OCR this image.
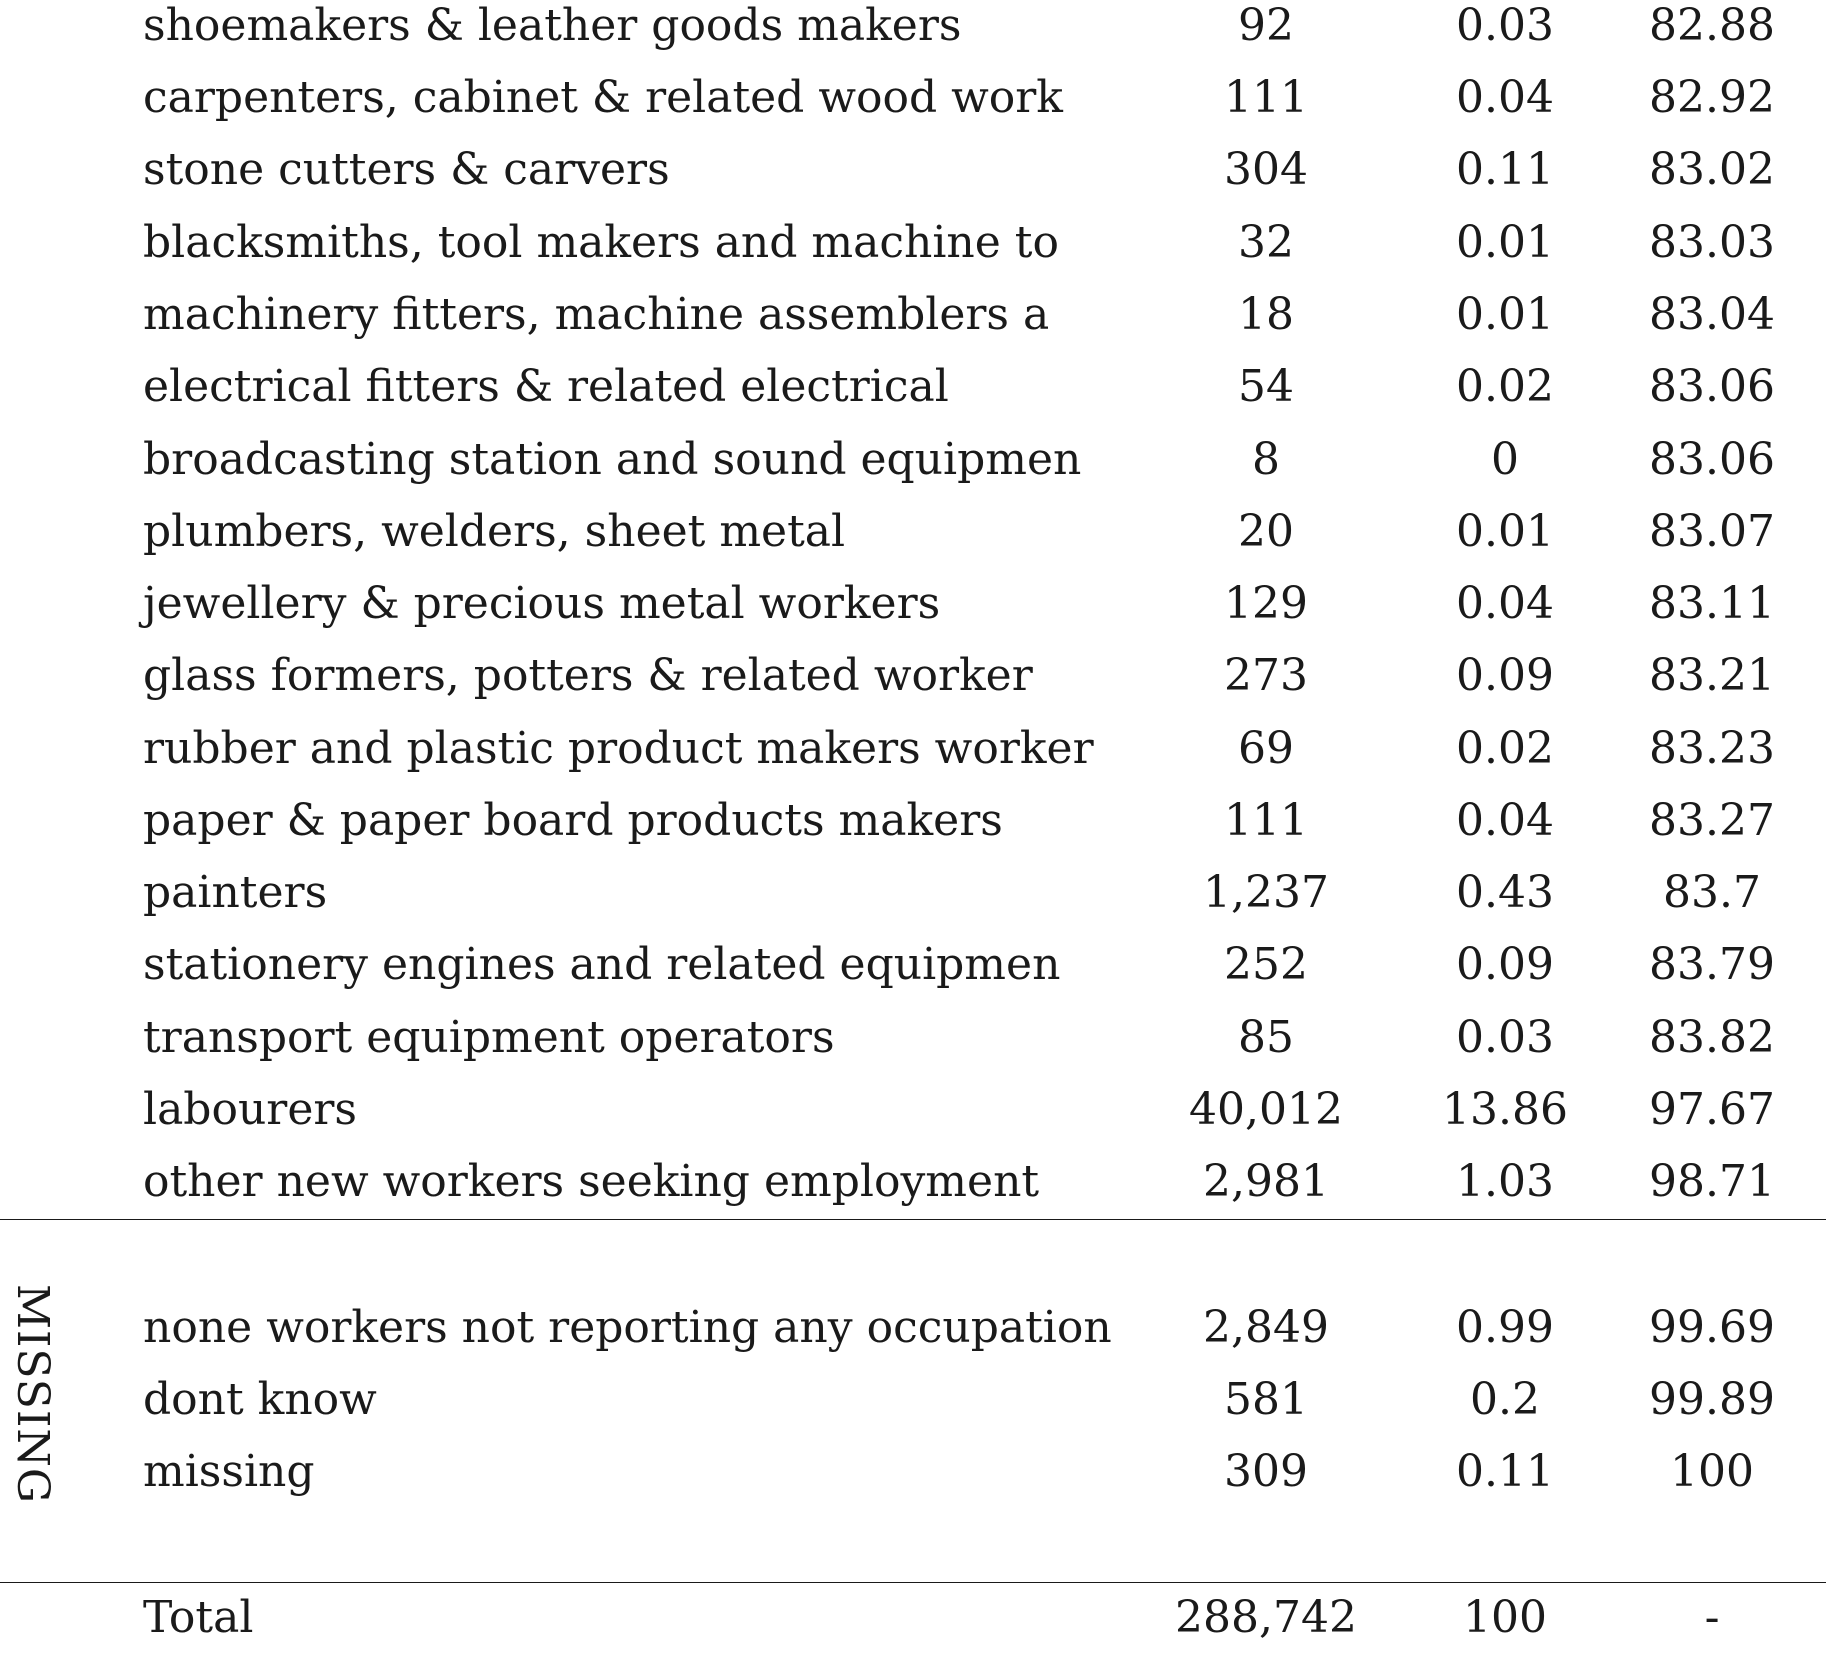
shoemakers & leather goods makers	92	0.03	82.88
carpenters, cabinet & related wood work	111	0.04	82.92
stone cutters & carvers	304	0.11	83.02
blacksmiths, tool makers and machine to	32	0.01	83.03
machinery fitters, machine assemblers a	18	0.01	83.04
electrical fitters & related electrical	54	0.02	83.06
broadcasting station and sound equipmen	8	0	83.06
plumbers, welders, sheet metal	20	0.01	83.07
jewellery & precious metal workers	129	0.04	83.11
glass formers, potters & related worker	273	0.09	83.21
rubber and plastic product makers worker	69	0.02	83.23
paper & paper board products makers	111	0.04	83.27
painters	1,237	0.43	83.7
stationery engines and related equipmen	252	0.09	83.79
transport equipment operators	85	0.03	83.82
labourers	40,012	13.86	97.67
other new workers seeking employment	2,981	1.03	98.71
MISSING none workers not reporting any occupation	2,849	0.99	99.69
dont know	581	0.2	99.89
missing	309	0.11	100
Total	288,742	100	-
